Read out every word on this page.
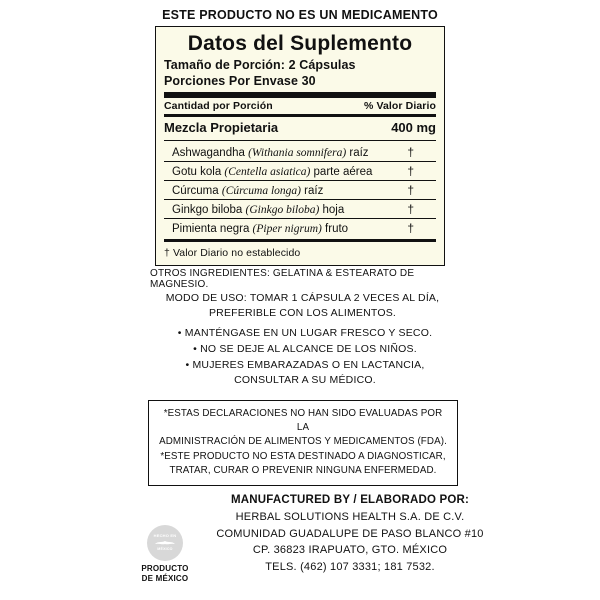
ESTE PRODUCTO NO ES UN MEDICAMENTO
Datos del Suplemento
Tamaño de Porción: 2 Cápsulas
Porciones Por Envase 30
Cantidad por Porción	% Valor Diario
Mezcla Propietaria	400 mg
Ashwagandha (Withania somnifera) raíz	†
Gotu kola (Centella asiatica) parte aérea	†
Cúrcuma (Cúrcuma longa) raíz	†
Ginkgo biloba (Ginkgo biloba) hoja	†
Pimienta negra (Piper nigrum) fruto	†
† Valor Diario no establecido
OTROS INGREDIENTES: GELATINA & ESTEARATO DE MAGNESIO.
MODO DE USO: TOMAR 1 CÁPSULA 2 VECES AL DÍA,
PREFERIBLE CON LOS ALIMENTOS.
• MANTÉNGASE EN UN LUGAR FRESCO Y SECO.
• NO SE DEJE AL ALCANCE DE LOS NIÑOS.
• MUJERES EMBARAZADAS O EN LACTANCIA,
CONSULTAR A SU MÉDICO.
*ESTAS DECLARACIONES NO HAN SIDO EVALUADAS POR LA
ADMINISTRACIÓN DE ALIMENTOS Y MEDICAMENTOS (FDA).
*ESTE PRODUCTO NO ESTA DESTINADO A DIAGNOSTICAR,
TRATAR, CURAR O PREVENIR NINGUNA ENFERMEDAD.
MANUFACTURED BY / ELABORADO POR:
HERBAL SOLUTIONS HEALTH S.A. DE C.V.
COMUNIDAD GUADALUPE DE PASO BLANCO #10
CP. 36823 IRAPUATO, GTO. MÉXICO
TELS. (462) 107 3331; 181 7532.
HECHO EN
MÉXICO
PRODUCTO
DE MÉXICO
